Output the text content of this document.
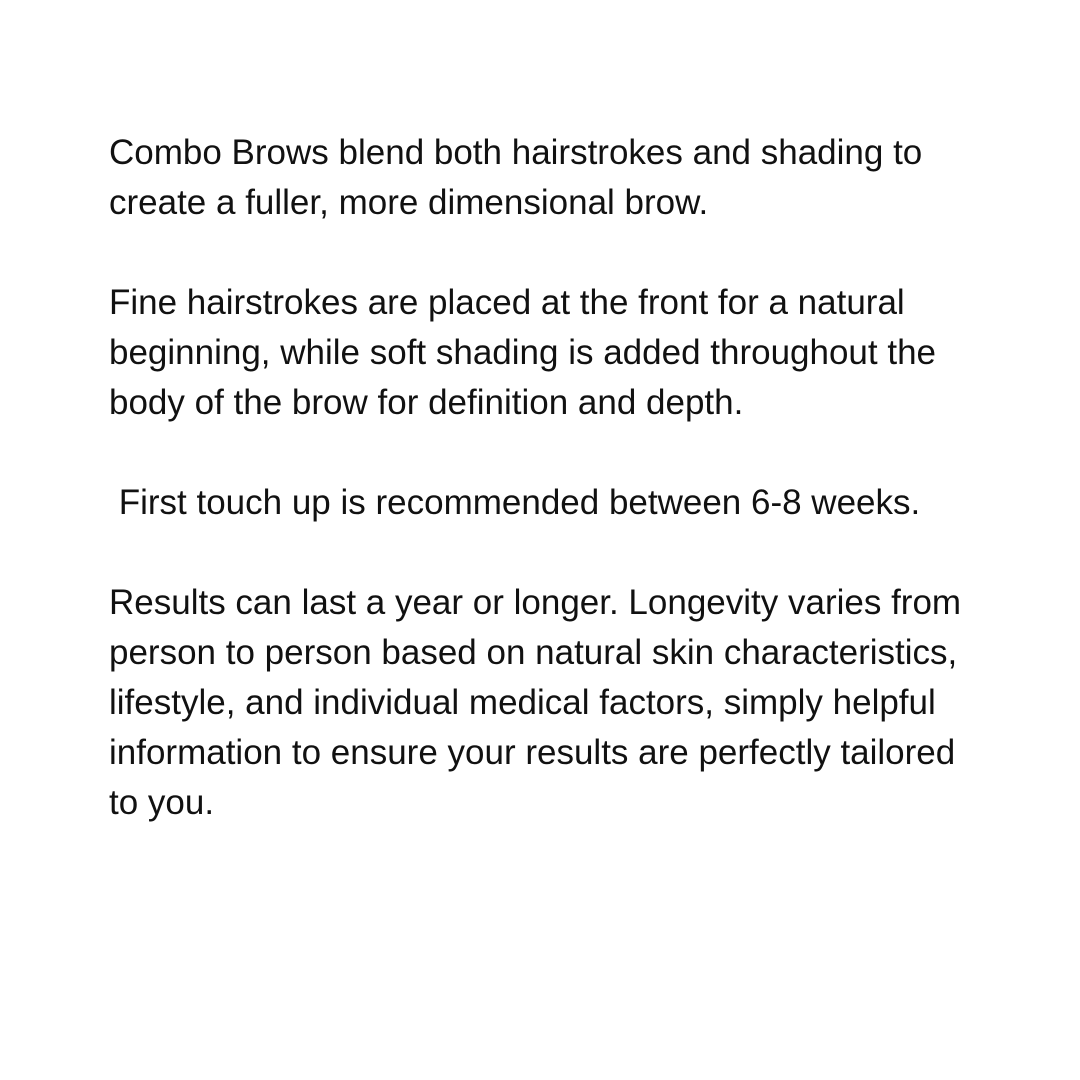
Combo Brows blend both hairstrokes and shading to create a fuller, more dimensional brow.

Fine hairstrokes are placed at the front for a natural beginning, while soft shading is added throughout the body of the brow for definition and depth.

First touch up is recommended between 6-8 weeks.

Results can last a year or longer. Longevity varies from person to person based on natural skin characteristics, lifestyle, and individual medical factors, simply helpful information to ensure your results are perfectly tailored to you.
